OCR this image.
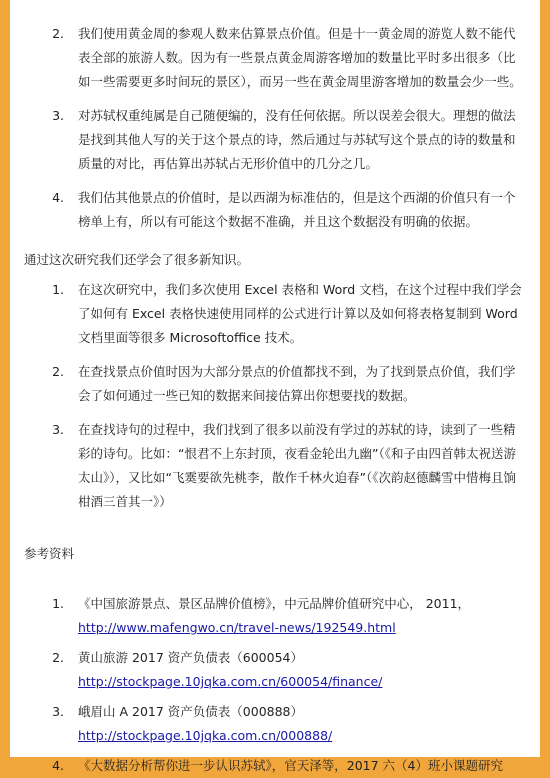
2.	我们使用黄金周的参观人数来估算景点价值。但是十一黄金周的游览人数不能代表全部的旅游人数。因为有一些景点黄金周游客增加的数量比平时多出很多（比如一些需要更多时间玩的景区），而另一些在黄金周里游客增加的数量会少一些。
3.	对苏轼权重纯属是自己随便编的，没有任何依据。所以误差会很大。理想的做法是找到其他人写的关于这个景点的诗，然后通过与苏轼写这个景点的诗的数量和质量的对比，再估算出苏轼占无形价值中的几分之几。
4.	我们估其他景点的价值时，是以西湖为标准估的，但是这个西湖的价值只有一个榜单上有，所以有可能这个数据不准确，并且这个数据没有明确的依据。
通过这次研究我们还学会了很多新知识。
1.	在这次研究中，我们多次使用 Excel 表格和 Word 文档，在这个过程中我们学会了如何有 Excel 表格快速使用同样的公式进行计算以及如何将表格复制到 Word 文档里面等很多 Microsoftoffice 技术。
2.	在查找景点价值时因为大部分景点的价值都找不到，为了找到景点价值，我们学会了如何通过一些已知的数据来间接估算出你想要找的数据。
3.	在查找诗句的过程中，我们找到了很多以前没有学过的苏轼的诗，读到了一些精彩的诗句。比如：“恨君不上东封顶，夜看金轮出九幽”（《和子由四首韩太祝送游太山》），又比如“飞霙要欲先桃李，散作千林火迫春”（《次韵赵德麟雪中惜梅且饷柑酒三首其一》）
参考资料
1.	《中国旅游景点、景区品牌价值榜》，中元品牌价值研究中心， 2011，
http://www.mafengwo.cn/travel-news/192549.html
2.	黄山旅游 2017 资产负债表（600054）
http://stockpage.10jqka.com.cn/600054/finance/
3.	峨眉山 A 2017 资产负债表（000888） http://stockpage.10jqka.com.cn/000888/
4.	《大数据分析帮你进一步认识苏轼》，官天泽等，2017 六（4）班小课题研究
